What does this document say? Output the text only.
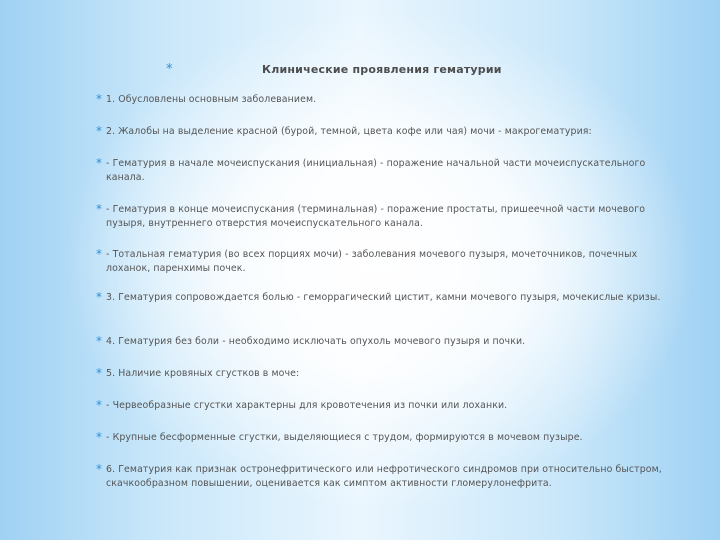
*	Клинические проявления гематурии
* 1. Обусловлены основным заболеванием.
* 2. Жалобы на выделение красной (бурой, темной, цвета кофе или чая) мочи - макрогематурия:
* - Гематурия в начале мочеиспускания (инициальная) - поражение начальной части мочеиспускательного канала.
* - Гематурия в конце мочеиспускания (терминальная) - поражение простаты, пришеечной части мочевого пузыря, внутреннего отверстия мочеиспускательного канала.
* - Тотальная гематурия (во всех порциях мочи) - заболевания мочевого пузыря, мочеточников, почечных лоханок, паренхимы почек.
* 3. Гематурия сопровождается болью - геморрагический цистит, камни мочевого пузыря, мочекислые кризы.
* 4. Гематурия без боли - необходимо исключать опухоль мочевого пузыря и почки.
* 5. Наличие кровяных сгустков в моче:
* - Червеобразные сгустки характерны для кровотечения из почки или лоханки.
* - Крупные бесформенные сгустки, выделяющиеся с трудом, формируются в мочевом пузыре.
* 6. Гематурия как признак остронефритического или нефротического синдромов при относительно быстром, скачкообразном повышении, оценивается как симптом активности гломерулонефрита.
